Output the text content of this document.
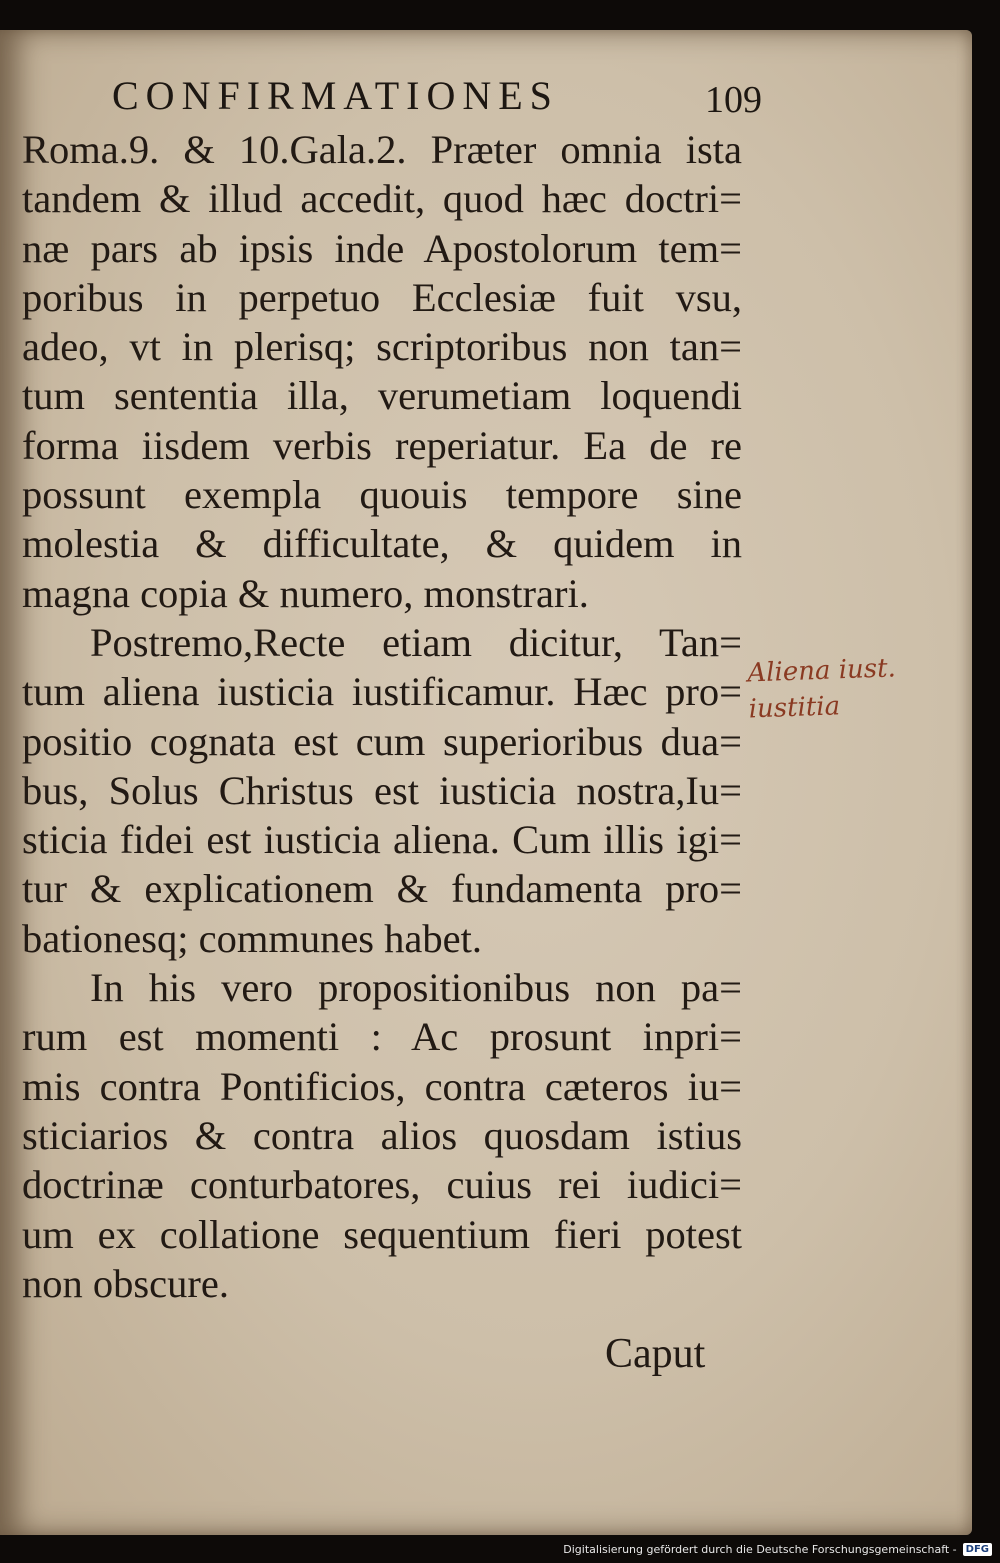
CONFIRMATIONES	109
Roma.9. & 10.Gala.2. Præter omnia ista
tandem & illud accedit, quod hæc doctri=
næ pars ab ipsis inde Apostolorum tem=
poribus in perpetuo Ecclesiæ fuit vsu,
adeo, vt in plerisq; scriptoribus non tan=
tum sententia illa, verumetiam loquendi
forma iisdem verbis reperiatur. Ea de re
possunt exempla quouis tempore sine
molestia & difficultate, & quidem in
magna copia & numero, monstrari.
Postremo,Recte etiam dicitur, Tan=
tum aliena iusticia iustificamur. Hæc pro=
positio cognata est cum superioribus dua=
bus, Solus Christus est iusticia nostra,Iu=
sticia fidei est iusticia aliena. Cum illis igi=
tur & explicationem & fundamenta pro=
bationesq; communes habet.
In his vero propositionibus non pa=
rum est momenti : Ac prosunt inpri=
mis contra Pontificios, contra cæteros iu=
sticiarios & contra alios quosdam istius
doctrinæ conturbatores, cuius rei iudici=
um ex collatione sequentium fieri potest
non obscure.
Aliena iust.
iustitia
Caput
Digitalisierung gefördert durch die Deutsche Forschungsgemeinschaft - DFG
